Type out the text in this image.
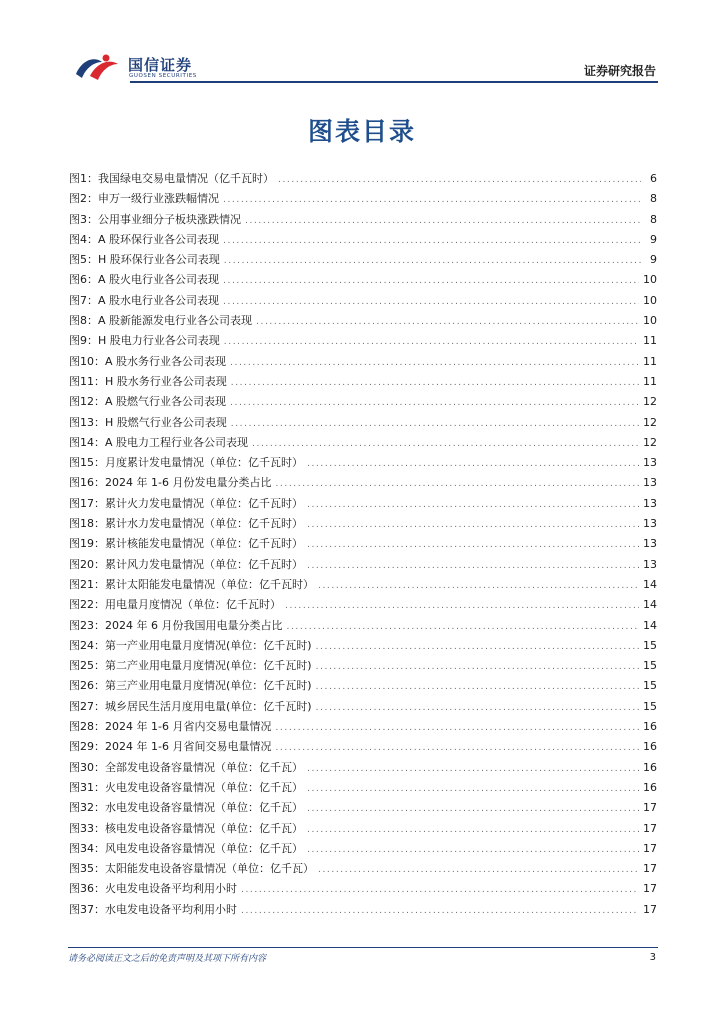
国信证券
GUOSEN SECURITIES	证券研究报告
图表目录
图1：我国绿电交易电量情况（亿千瓦时） .....	6
图2：申万一级行业涨跌幅情况 .....	8
图3：公用事业细分子板块涨跌情况 .....	8
图4：A 股环保行业各公司表现 .....	9
图5：H 股环保行业各公司表现 .....	9
图6：A 股火电行业各公司表现 .....	10
图7：A 股水电行业各公司表现 .....	10
图8：A 股新能源发电行业各公司表现 .....	10
图9：H 股电力行业各公司表现 .....	11
图10：A 股水务行业各公司表现 .....	11
图11：H 股水务行业各公司表现 .....	11
图12：A 股燃气行业各公司表现 .....	12
图13：H 股燃气行业各公司表现 .....	12
图14：A 股电力工程行业各公司表现 .....	12
图15：月度累计发电量情况（单位：亿千瓦时） .....	13
图16：2024 年 1-6 月份发电量分类占比 .....	13
图17：累计火力发电量情况（单位：亿千瓦时） .....	13
图18：累计水力发电量情况（单位：亿千瓦时） .....	13
图19：累计核能发电量情况（单位：亿千瓦时） .....	13
图20：累计风力发电量情况（单位：亿千瓦时） .....	13
图21：累计太阳能发电量情况（单位：亿千瓦时） .....	14
图22：用电量月度情况（单位：亿千瓦时） .....	14
图23：2024 年 6 月份我国用电量分类占比 .....	14
图24：第一产业用电量月度情况(单位：亿千瓦时) .....	15
图25：第二产业用电量月度情况(单位：亿千瓦时) .....	15
图26：第三产业用电量月度情况(单位：亿千瓦时) .....	15
图27：城乡居民生活月度用电量(单位：亿千瓦时) .....	15
图28：2024 年 1-6 月省内交易电量情况 .....	16
图29：2024 年 1-6 月省间交易电量情况 .....	16
图30：全部发电设备容量情况（单位：亿千瓦） .....	16
图31：火电发电设备容量情况（单位：亿千瓦） .....	16
图32：水电发电设备容量情况（单位：亿千瓦） .....	17
图33：核电发电设备容量情况（单位：亿千瓦） .....	17
图34：风电发电设备容量情况（单位：亿千瓦） .....	17
图35：太阳能发电设备容量情况（单位：亿千瓦） .....	17
图36：火电发电设备平均利用小时 .....	17
图37：水电发电设备平均利用小时 .....	17
请务必阅读正文之后的免责声明及其项下所有内容	3
